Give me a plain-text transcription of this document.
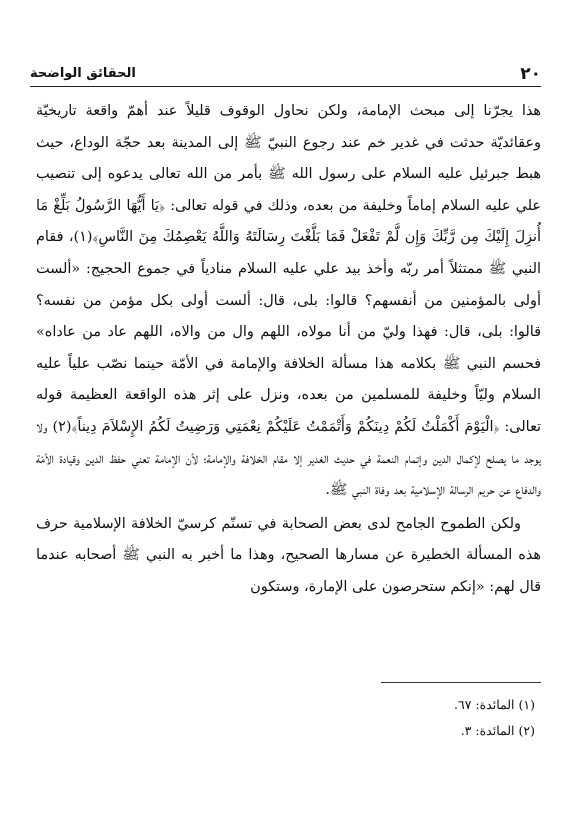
٢٠
الحقائق الواضحة

هذا يجرّنا إلى مبحث الإمامة، ولكن نحاول الوقوف قليلاً عند أهمّ واقعة تاريخيّة وعقائديّة حدثت في غدير خم عند رجوع النبيّ ﷺ إلى المدينة بعد حجّة الوداع، حيث هبط جبرئيل عليه السلام على رسول الله ﷺ بأمر من الله تعالى يدعوه إلى تنصيب علي عليه السلام إماماً وخليفة من بعده، وذلك في قوله تعالى: ﴿يَا أَيُّهَا الرَّسُولُ بَلِّغْ مَا أُنزِلَ إِلَيْكَ مِن رَّبِّكَ وَإِن لَّمْ تَفْعَلْ فَمَا بَلَّغْتَ رِسَالَتَهُ وَاللَّهُ يَعْصِمُكَ مِنَ النَّاسِ﴾(١)، فقام النبي ﷺ ممتثلاً أمر ربّه وأخذ بيد علي عليه السلام منادياً في جموع الحجيج: «ألست أولى بالمؤمنين من أنفسهم؟ قالوا: بلى، قال: ألست أولى بكل مؤمن من نفسه؟ قالوا: بلى، قال: فهذا وليّ من أنا مولاه، اللهم وال من والاه، اللهم عاد من عاداه» فحسم النبي ﷺ بكلامه هذا مسألة الخلافة والإمامة في الأمّة حينما نصّب علياً عليه السلام وليّاً وخليفة للمسلمين من بعده، ونزل على إثر هذه الواقعة العظيمة قوله تعالى: ﴿الْيَوْمَ أَكْمَلْتُ لَكُمْ دِينَكُمْ وَأَتْمَمْتُ عَلَيْكُمْ نِعْمَتِي وَرَضِيتُ لَكُمُ الإِسْلاَمَ دِيناً﴾(٢) ولا يوجد ما يصلح لإكمال الدين وإتمام النعمة في حديث الغدير إلا مقام الخلافة والإمامة؛ لأن الإمامة تعني حفظ الدين وقيادة الأمّة والدفاع عن حريم الرسالة الإسلامية بعد وفاة النبي ﷺ.

ولكن الطموح الجامح لدى بعض الصحابة في تسنّم كرسيّ الخلافة الإسلامية حرف هذه المسألة الخطيرة عن مسارها الصحيح، وهذا ما أخبر به النبي ﷺ أصحابه عندما قال لهم: «إنكم ستحرصون على الإمارة، وستكون

(١) المائدة: ٦٧.

(٢) المائدة: ٣.
